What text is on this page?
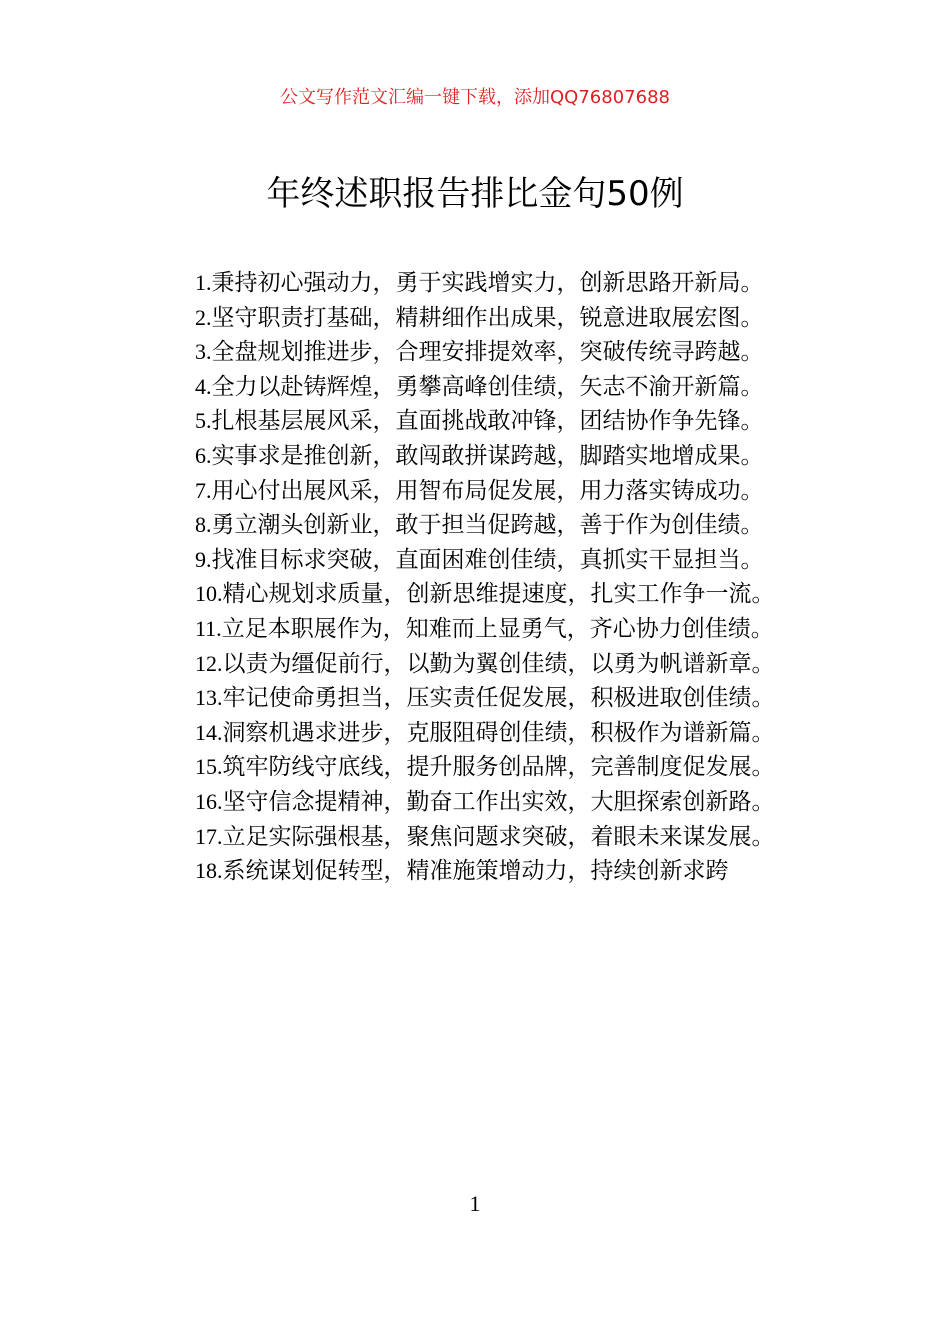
公文写作范文汇编一键下载，添加QQ76807688
年终述职报告排比金句50例

1.秉持初心强动力，勇于实践增实力，创新思路开新局。

2.坚守职责打基础，精耕细作出成果，锐意进取展宏图。

3.全盘规划推进步，合理安排提效率，突破传统寻跨越。

4.全力以赴铸辉煌，勇攀高峰创佳绩，矢志不渝开新篇。

5.扎根基层展风采，直面挑战敢冲锋，团结协作争先锋。

6.实事求是推创新，敢闯敢拼谋跨越，脚踏实地增成果。

7.用心付出展风采，用智布局促发展，用力落实铸成功。

8.勇立潮头创新业，敢于担当促跨越，善于作为创佳绩。

9.找准目标求突破，直面困难创佳绩，真抓实干显担当。

10.精心规划求质量，创新思维提速度，扎实工作争一流。

11.立足本职展作为，知难而上显勇气，齐心协力创佳绩。

12.以责为缰促前行，以勤为翼创佳绩，以勇为帆谱新章。

13.牢记使命勇担当，压实责任促发展，积极进取创佳绩。

14.洞察机遇求进步，克服阻碍创佳绩，积极作为谱新篇。

15.筑牢防线守底线，提升服务创品牌，完善制度促发展。

16.坚守信念提精神，勤奋工作出实效，大胆探索创新路。

17.立足实际强根基，聚焦问题求突破，着眼未来谋发展。

18.系统谋划促转型，精准施策增动力，持续创新求跨

1
